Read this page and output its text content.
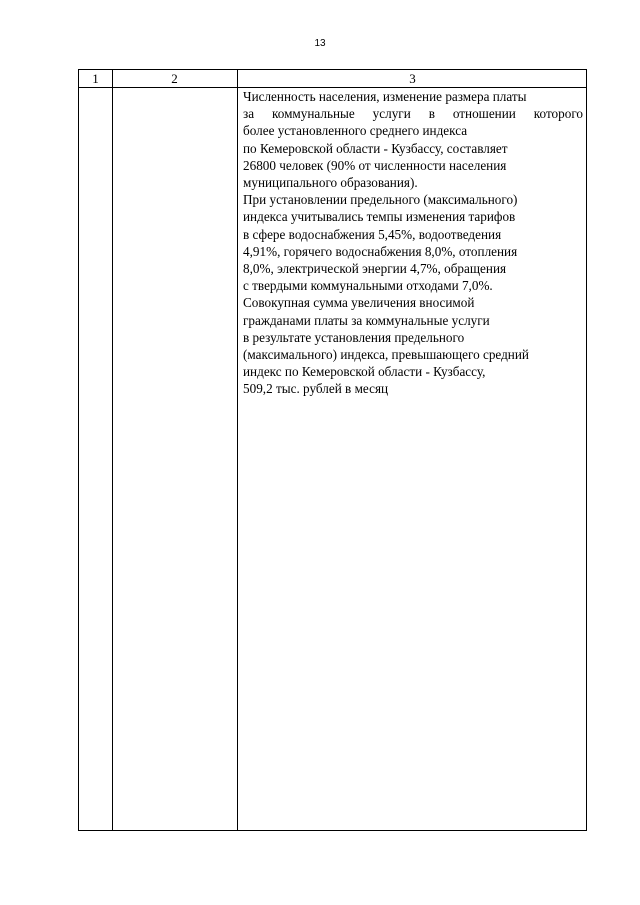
13
1	2	3
Численность населения, изменение размера платы
за коммунальные услуги в отношении которого
более установленного среднего индекса
по Кемеровской области - Кузбассу, составляет
26800 человек (90% от численности населения
муниципального образования).
При установлении предельного (максимального)
индекса учитывались темпы изменения тарифов
в сфере водоснабжения 5,45%, водоотведения
4,91%, горячего водоснабжения 8,0%, отопления
8,0%, электрической энергии 4,7%, обращения
с твердыми коммунальными отходами 7,0%.
Совокупная сумма увеличения вносимой
гражданами платы за коммунальные услуги
в результате установления предельного
(максимального) индекса, превышающего средний
индекс по Кемеровской области - Кузбассу,
509,2 тыс. рублей в месяц
